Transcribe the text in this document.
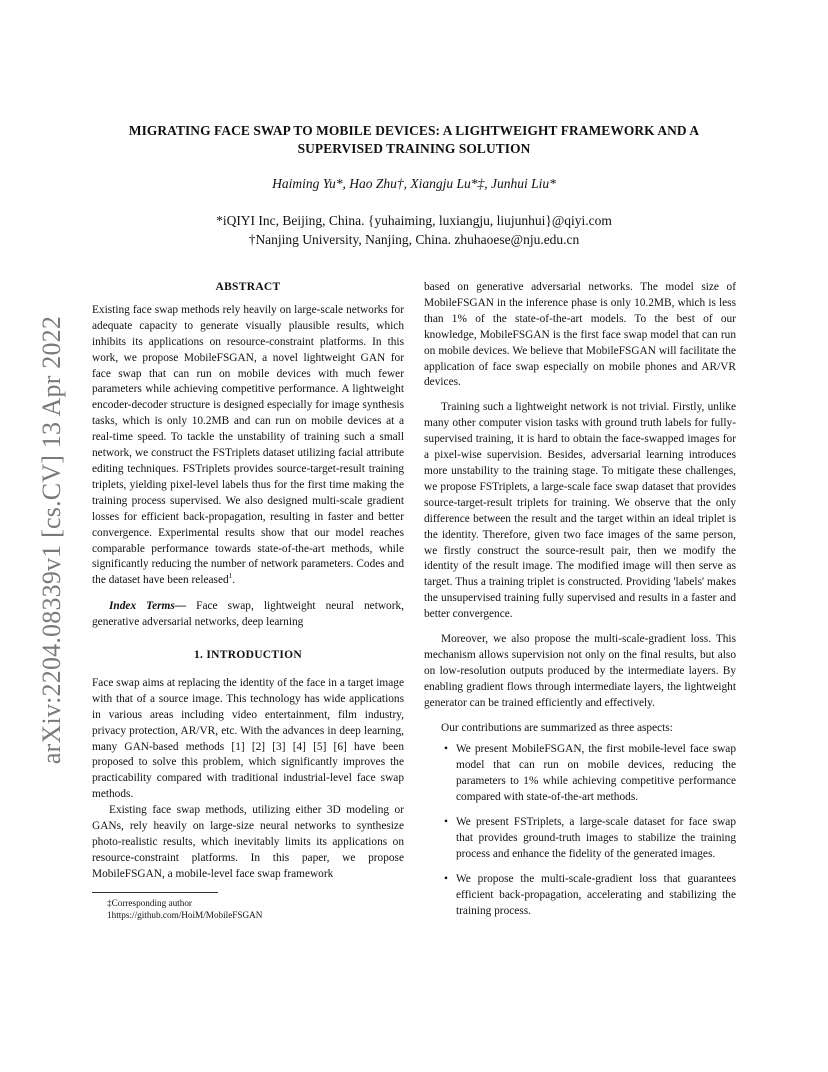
arXiv:2204.08339v1 [cs.CV] 13 Apr 2022
MIGRATING FACE SWAP TO MOBILE DEVICES: A LIGHTWEIGHT FRAMEWORK AND A
SUPERVISED TRAINING SOLUTION
Haiming Yu*, Hao Zhu†, Xiangju Lu*‡, Junhui Liu*
*iQIYI Inc, Beijing, China. {yuhaiming, luxiangju, liujunhui}@qiyi.com
†Nanjing University, Nanjing, China. zhuhaoese@nju.edu.cn
ABSTRACT

Existing face swap methods rely heavily on large-scale networks for adequate capacity to generate visually plausible results, which inhibits its applications on resource-constraint platforms. In this work, we propose MobileFSGAN, a novel lightweight GAN for face swap that can run on mobile devices with much fewer parameters while achieving competitive performance. A lightweight encoder-decoder structure is designed especially for image synthesis tasks, which is only 10.2MB and can run on mobile devices at a real-time speed. To tackle the unstability of training such a small network, we construct the FSTriplets dataset utilizing facial attribute editing techniques. FSTriplets provides source-target-result training triplets, yielding pixel-level labels thus for the first time making the training process supervised. We also designed multi-scale gradient losses for efficient back-propagation, resulting in faster and better convergence. Experimental results show that our model reaches comparable performance towards state-of-the-art methods, while significantly reducing the number of network parameters. Codes and the dataset have been released$^1$.

Index Terms— Face swap, lightweight neural network, generative adversarial networks, deep learning

1. INTRODUCTION

Face swap aims at replacing the identity of the face in a target image with that of a source image. This technology has wide applications in various areas including video entertainment, film industry, privacy protection, AR/VR, etc. With the advances in deep learning, many GAN-based methods [1] [2] [3] [4] [5] [6] have been proposed to solve this problem, which significantly improves the practicability compared with traditional industrial-level face swap methods.

Existing face swap methods, utilizing either 3D modeling or GANs, rely heavily on large-size neural networks to synthesize photo-realistic results, which inevitably limits its applications on resource-constraint platforms. In this paper, we propose MobileFSGAN, a mobile-level face swap framework

based on generative adversarial networks. The model size of MobileFSGAN in the inference phase is only 10.2MB, which is less than 1% of the state-of-the-art models. To the best of our knowledge, MobileFSGAN is the first face swap model that can run on mobile devices. We believe that MobileFSGAN will facilitate the application of face swap especially on mobile phones and AR/VR devices.

Training such a lightweight network is not trivial. Firstly, unlike many other computer vision tasks with ground truth labels for fully-supervised training, it is hard to obtain the face-swapped images for a pixel-wise supervision. Besides, adversarial learning introduces more unstability to the training stage. To mitigate these challenges, we propose FSTriplets, a large-scale face swap dataset that provides source-target-result triplets for training. We observe that the only difference between the result and the target within an ideal triplet is the identity. Therefore, given two face images of the same person, we firstly construct the source-result pair, then we modify the identity of the result image. The modified image will then serve as target. Thus a training triplet is constructed. Providing 'labels' makes the unsupervised training fully supervised and results in a faster and better convergence.

Moreover, we also propose the multi-scale-gradient loss. This mechanism allows supervision not only on the final results, but also on low-resolution outputs produced by the intermediate layers. By enabling gradient flows through intermediate layers, the lightweight generator can be trained efficiently and effectively.

Our contributions are summarized as three aspects:

• We present MobileFSGAN, the first mobile-level face swap model that can run on mobile devices, reducing the parameters to 1% while achieving competitive performance compared with state-of-the-art methods.
• We present FSTriplets, a large-scale dataset for face swap that provides ground-truth images to stabilize the training process and enhance the fidelity of the generated images.
• We propose the multi-scale-gradient loss that guarantees efficient back-propagation, accelerating and stabilizing the training process.
‡Corresponding author
1https://github.com/HoiM/MobileFSGAN
